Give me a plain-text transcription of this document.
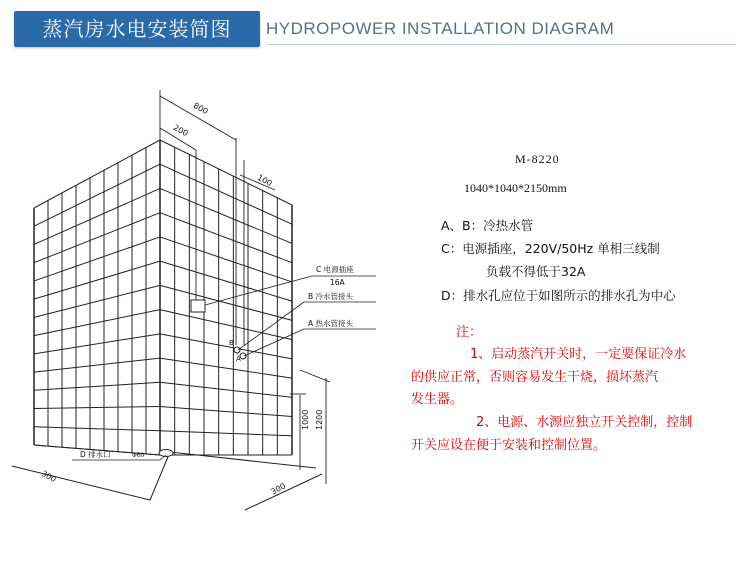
蒸汽房水电安装简图	HYDROPOWER INSTALLATION DIAGRAM
800
200
100
1000 1200
300
300
C 电源插座
16A
B 冷水管接头
A 热水管接头
D 排水口	Φ60
B
A
M-8220
1040*1040*2150mm
A、B：冷热水管
C：电源插座，220V/50Hz 单相三线制
负载不得低于32A
D：排水孔应位于如图所示的排水孔为中心
注：
1、启动蒸汽开关时，一定要保证冷水
的供应正常，否则容易发生干烧，损坏蒸汽
发生器。
2、电源、水源应独立开关控制，控制
开关应设在便于安装和控制位置。
